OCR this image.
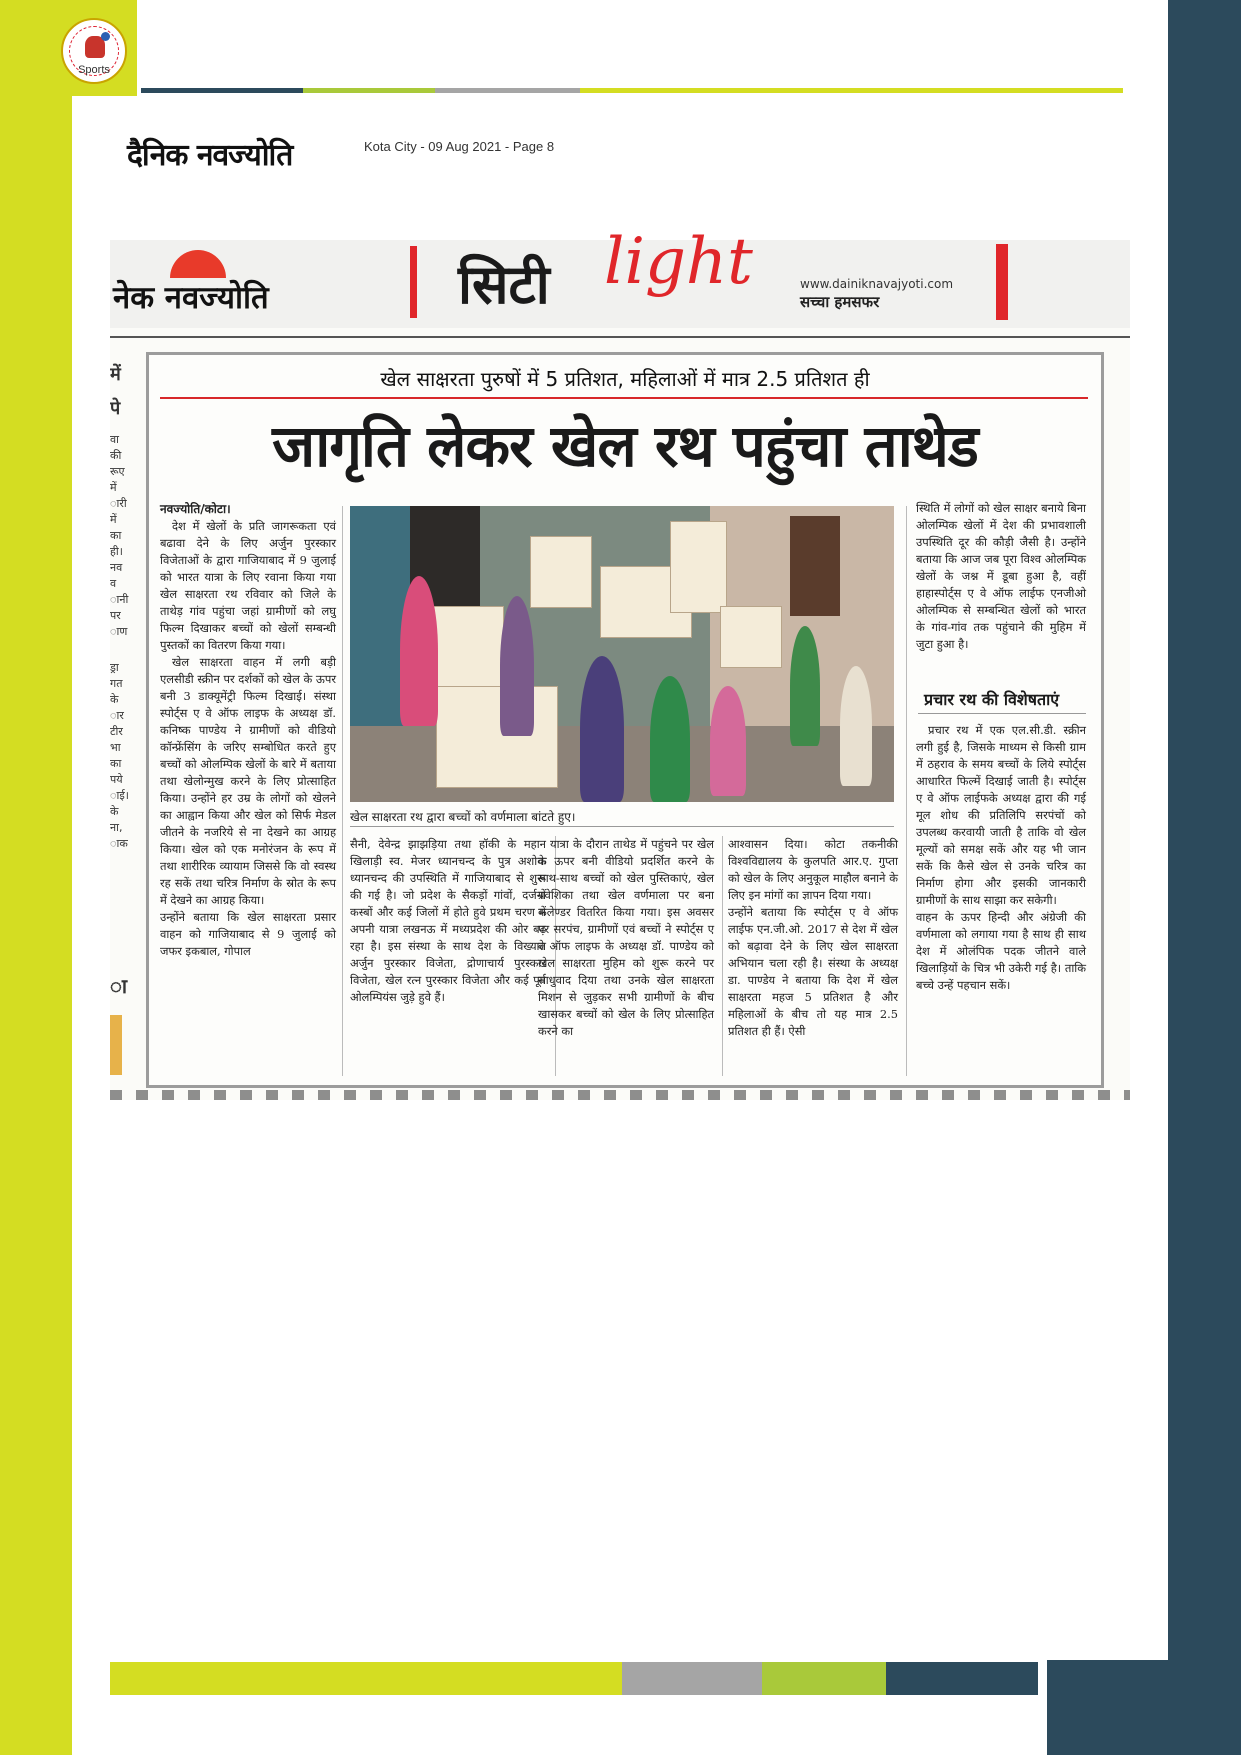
Sports
दैनिक नवज्योति	Kota City - 09 Aug 2021 - Page 8
नेक नवज्योति	सिटी light	www.dainiknavajyoti.com
सच्चा हमसफर
में
पे
वा
की
रूए
में
ारी
में
का
ही।
नव
व
ानी
पर
ाण
ड्रा
गत
के
ार
टीर
भा
का
पये
ाई।
के
ना,
ाक
ा
खेल साक्षरता पुरुषों में 5 प्रतिशत, महिलाओं में मात्र 2.5 प्रतिशत ही
जागृति लेकर खेल रथ पहुंचा ताथेड
नवज्योति/कोटा।
देश में खेलों के प्रति जागरूकता एवं बढावा देने के लिए अर्जुन पुरस्कार विजेताओं के द्वारा गाजियाबाद में 9 जुलाई को भारत यात्रा के लिए रवाना किया गया खेल साक्षरता रथ रविवार को जिले के ताथेड़ गांव पहुंचा जहां ग्रामीणों को लघु फिल्म दिखाकर बच्चों को खेलों सम्बन्धी पुस्तकों का वितरण किया गया।
खेल साक्षरता वाहन में लगी बड़ी एलसीडी स्क्रीन पर दर्शकों को खेल के ऊपर बनी 3 डाक्यूमेंट्री फिल्म दिखाई। संस्था स्पोर्ट्स ए वे ऑफ लाइफ के अध्यक्ष डॉ. कनिष्क पाण्डेय ने ग्रामीणों को वीडियो कॉन्फ्रेंसिंग के जरिए सम्बोधित करते हुए बच्चों को ओलम्पिक खेलों के बारे में बताया तथा खेलोन्मुख करने के लिए प्रोत्साहित किया। उन्होंने हर उम्र के लोगों को खेलने का आह्वान किया और खेल को सिर्फ मेडल जीतने के नजरिये से ना देखने का आग्रह किया। खेल को एक मनोरंजन के रूप में तथा शारीरिक व्यायाम जिससे कि वो स्वस्थ रह सकें तथा चरित्र निर्माण के स्रोत के रूप में देखने का आग्रह किया।
उन्होंने बताया कि खेल साक्षरता प्रसार वाहन को गाजियाबाद से 9 जुलाई को जफर इकबाल, गोपाल
खेल साक्षरता रथ द्वारा बच्चों को वर्णमाला बांटते हुए।
सैनी, देवेन्द्र झाझड़िया तथा हॉकी के महान खिलाड़ी स्व. मेजर ध्यानचन्द के पुत्र अशोक ध्यानचन्द की उपस्थिति में गाजियाबाद से शुरू की गई है। जो प्रदेश के सैकड़ों गांवों, दर्जनों कस्बों और कई जिलों में होते हुवे प्रथम चरण में अपनी यात्रा लखनऊ में मध्यप्रदेश की ओर बढ़ रहा है। इस संस्था के साथ देश के विख्यात अर्जुन पुरस्कार विजेता, द्रोणाचार्य पुरस्कार विजेता, खेल रत्न पुरस्कार विजेता और कई पूर्व ओलम्पियंस जुड़े हुवे हैं।
यात्रा के दौरान ताथेड में पहुंचने पर खेल के ऊपर बनी वीडियो प्रदर्शित करने के साथ-साथ बच्चों को खेल पुस्तिकाएं, खेल प्रवेशिका तथा खेल वर्णमाला पर बना कलेण्डर वितरित किया गया। इस अवसर पर सरपंच, ग्रामीणों एवं बच्चों ने स्पोर्ट्स ए वे ऑफ लाइफ के अध्यक्ष डॉ. पाण्डेय को खेल साक्षरता मुहिम को शुरू करने पर साधुवाद दिया तथा उनके खेल साक्षरता मिशन से जुड़कर सभी ग्रामीणों के बीच खासकर बच्चों को खेल के लिए प्रोत्साहित करने का
आश्वासन दिया। कोटा तकनीकी विश्वविद्यालय के कुलपति आर.ए. गुप्ता को खेल के लिए अनुकूल माहौल बनाने के लिए इन मांगों का ज्ञापन दिया गया।
उन्होंने बताया कि स्पोर्ट्स ए वे ऑफ लाईफ एन.जी.ओ. 2017 से देश में खेल को बढ़ावा देने के लिए खेल साक्षरता अभियान चला रही है। संस्था के अध्यक्ष डा. पाण्डेय ने बताया कि देश में खेल साक्षरता महज 5 प्रतिशत है और महिलाओं के बीच तो यह मात्र 2.5 प्रतिशत ही हैं। ऐसी
स्थिति में लोगों को खेल साक्षर बनाये बिना ओलम्पिक खेलों में देश की प्रभावशाली उपस्थिति दूर की कौड़ी जैसी है। उन्होंने बताया कि आज जब पूरा विश्व ओलम्पिक खेलों के जश्न में डूबा हुआ है, वहीं हाहास्पोर्ट्स ए वे ऑफ लाईफ एनजीओ ओलम्पिक से सम्बन्धित खेलों को भारत के गांव-गांव तक पहुंचाने की मुहिम में जुटा हुआ है।
प्रचार रथ की विशेषताएं
प्रचार रथ में एक एल.सी.डी. स्क्रीन लगी हुई है, जिसके माध्यम से किसी ग्राम में ठहराव के समय बच्चों के लिये स्पोर्ट्स आधारित फिल्में दिखाई जाती है। स्पोर्ट्स ए वे ऑफ लाईफके अध्यक्ष द्वारा की गई मूल शोध की प्रतिलिपि सरपंचों को उपलब्ध करवायी जाती है ताकि वो खेल मूल्यों को समक्ष सकें और यह भी जान सकें कि कैसे खेल से उनके चरित्र का निर्माण होगा और इसकी जानकारी ग्रामीणों के साथ साझा कर सकेगी।
वाहन के ऊपर हिन्दी और अंग्रेजी की वर्णमाला को लगाया गया है साथ ही साथ देश में ओलंपिक पदक जीतने वाले खिलाड़ियों के चित्र भी उकेरी गई है। ताकि बच्चे उन्हें पहचान सकें।
